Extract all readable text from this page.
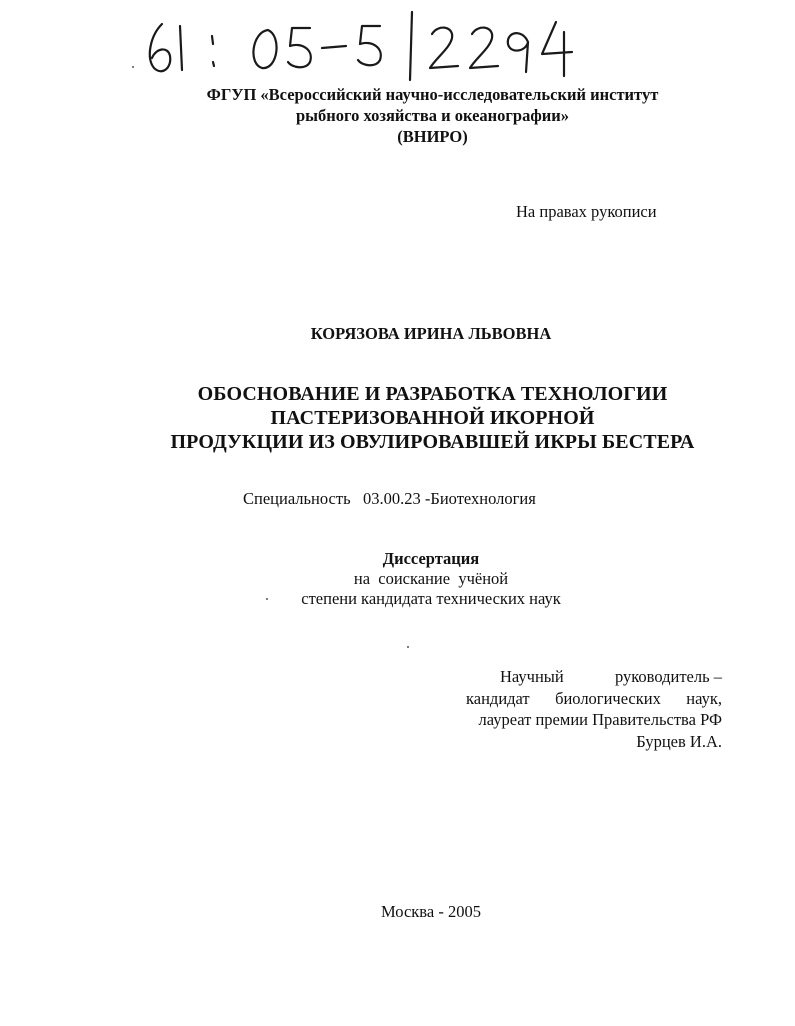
ФГУП «Всероссийский научно-исследовательский институт
рыбного хозяйства и океанографии»
(ВНИРО)
На правах рукописи
КОРЯЗОВА ИРИНА ЛЬВОВНА
ОБОСНОВАНИЕ И РАЗРАБОТКА ТЕХНОЛОГИИ
ПАСТЕРИЗОВАННОЙ ИКОРНОЙ
ПРОДУКЦИИ ИЗ ОВУЛИРОВАВШЕЙ ИКРЫ БЕСТЕРА
Специальность 03.00.23 -Биотехнология
Диссертация
на  соискание  учёной
степени кандидата технических наук
Научный	руководитель –
кандидат биологических наук,
лауреат премии Правительства РФ
Бурцев И.А.
Москва - 2005
